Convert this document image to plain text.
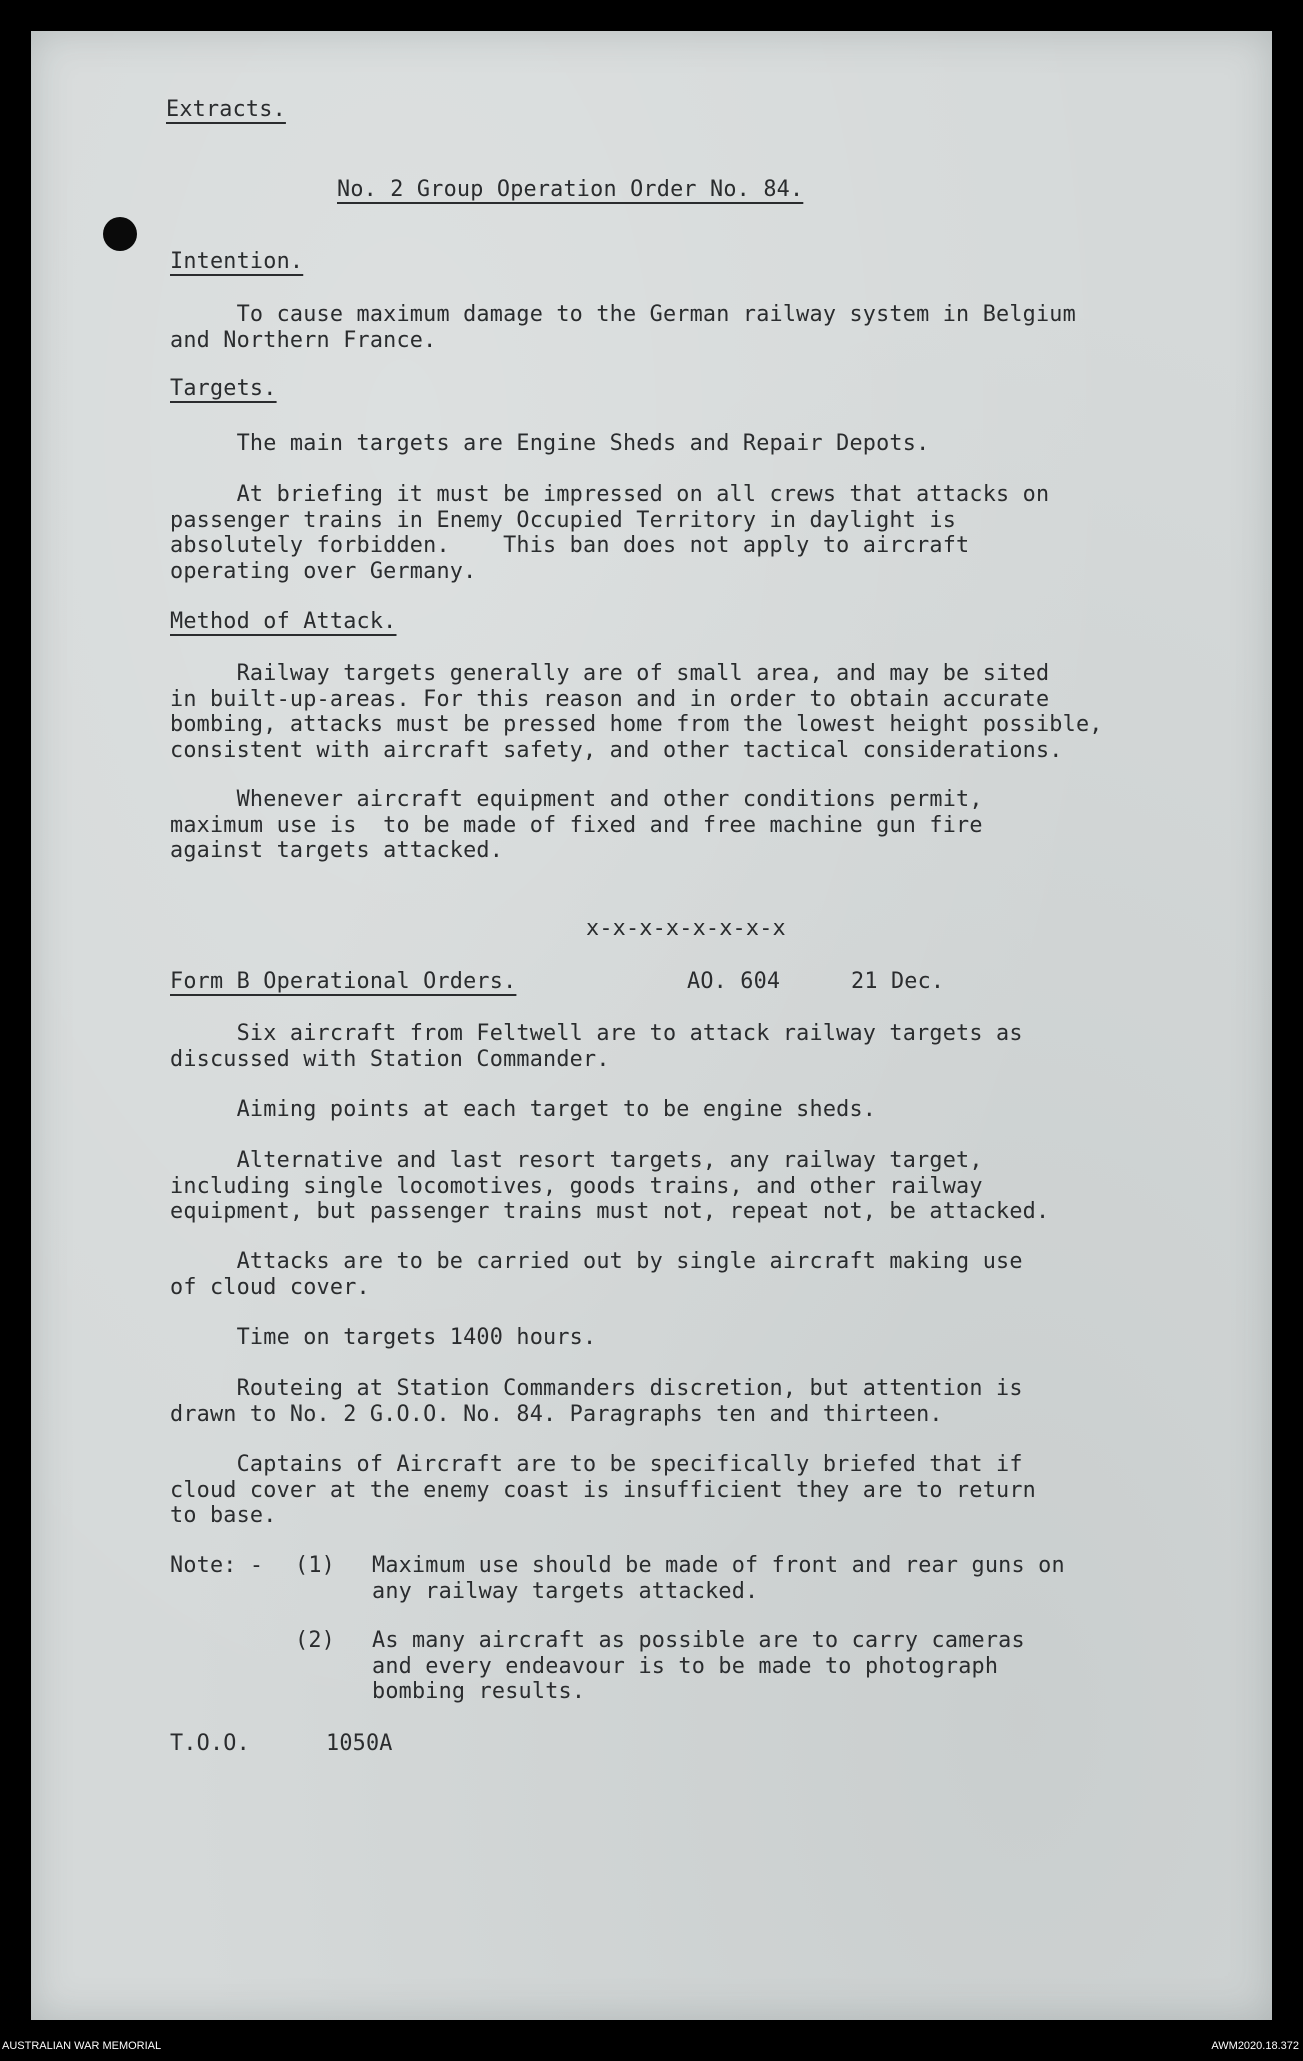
Extracts.
No. 2 Group Operation Order No. 84.
Intention.
To cause maximum damage to the German railway system in Belgium
and Northern France.
Targets.
The main targets are Engine Sheds and Repair Depots.
At briefing it must be impressed on all crews that attacks on
passenger trains in Enemy Occupied Territory in daylight is
absolutely forbidden.    This ban does not apply to aircraft
operating over Germany.
Method of Attack.
Railway targets generally are of small area, and may be sited
in built-up-areas. For this reason and in order to obtain accurate
bombing, attacks must be pressed home from the lowest height possible,
consistent with aircraft safety, and other tactical considerations.
Whenever aircraft equipment and other conditions permit,
maximum use is  to be made of fixed and free machine gun fire
against targets attacked.
x-x-x-x-x-x-x-x
Form B Operational Orders.	AO. 604	21 Dec.
Six aircraft from Feltwell are to attack railway targets as
discussed with Station Commander.
Aiming points at each target to be engine sheds.
Alternative and last resort targets, any railway target,
including single locomotives, goods trains, and other railway
equipment, but passenger trains must not, repeat not, be attacked.
Attacks are to be carried out by single aircraft making use
of cloud cover.
Time on targets 1400 hours.
Routeing at Station Commanders discretion, but attention is
drawn to No. 2 G.O.O. No. 84. Paragraphs ten and thirteen.
Captains of Aircraft are to be specifically briefed that if
cloud cover at the enemy coast is insufficient they are to return
to base.
Note: - (1) Maximum use should be made of front and rear guns on
any railway targets attacked.
(2) As many aircraft as possible are to carry cameras
and every endeavour is to be made to photograph
bombing results.
T.O.O.	1050A
AUSTRALIAN WAR MEMORIAL	AWM2020.18.372
